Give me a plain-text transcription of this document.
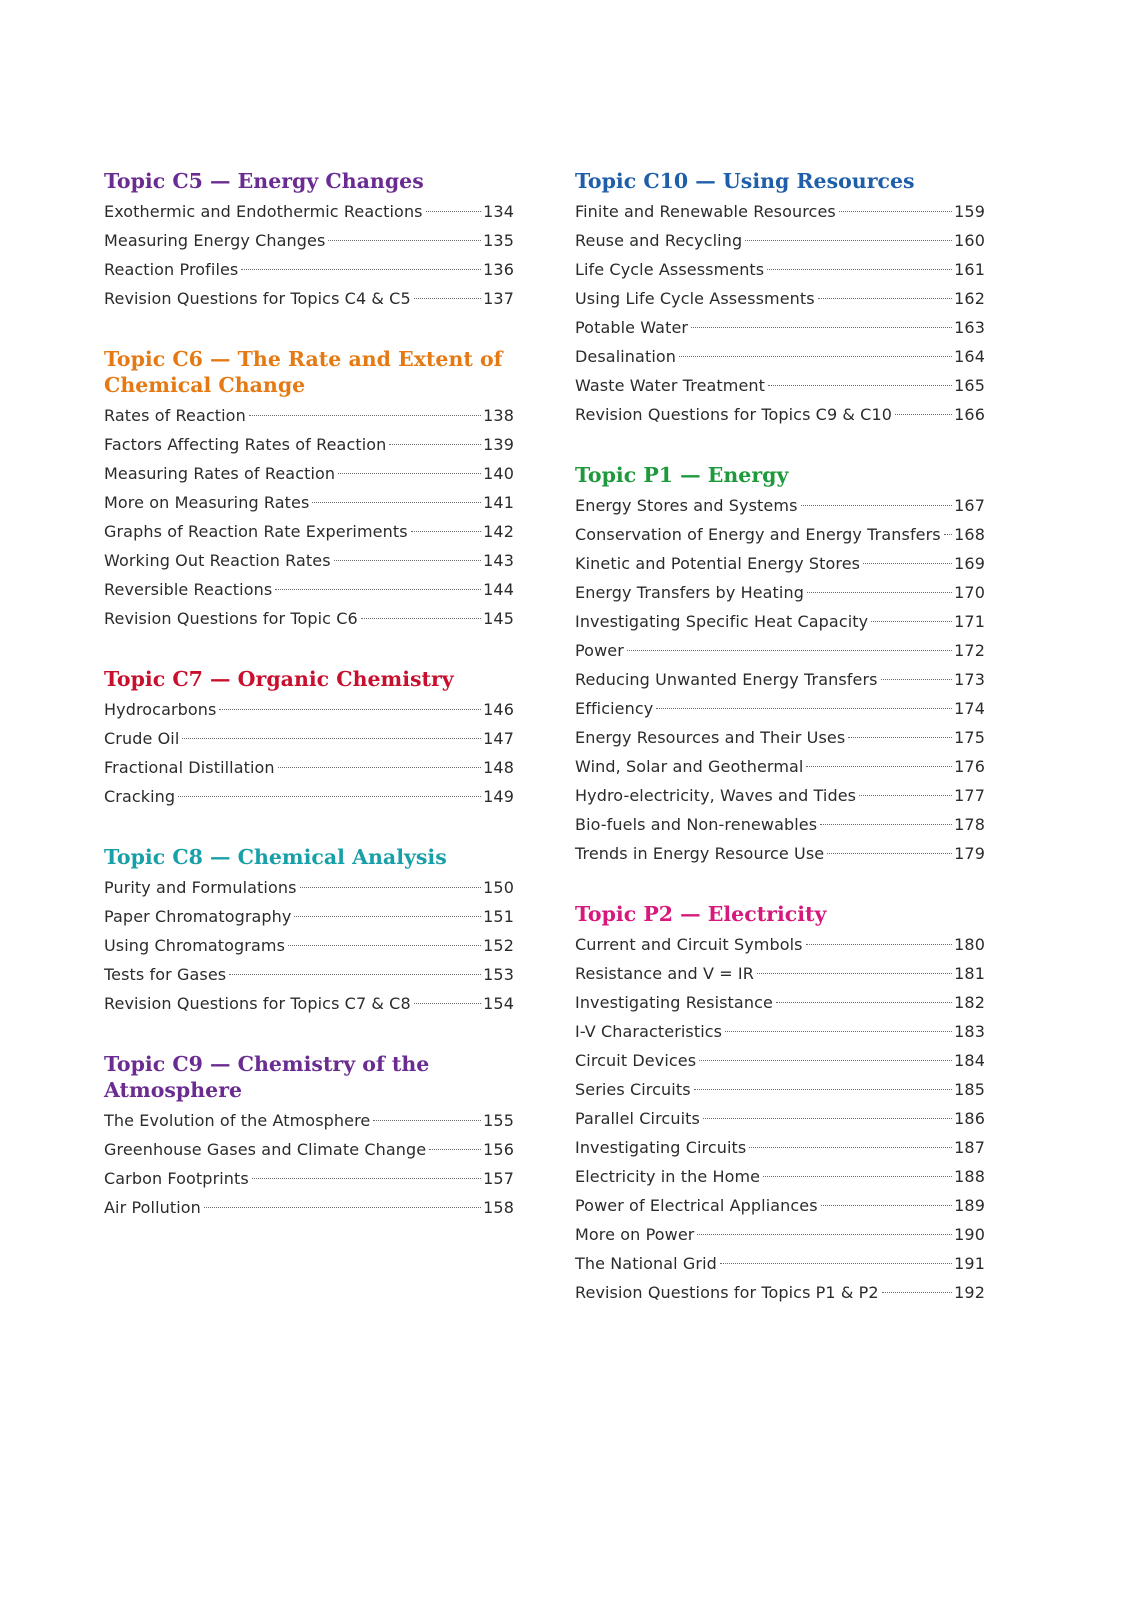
Topic C5 — Energy Changes
Exothermic and Endothermic Reactions	134
Measuring Energy Changes	135
Reaction Profiles	136
Revision Questions for Topics C4 & C5	137
Topic C6 — The Rate and Extent of Chemical Change
Rates of Reaction	138
Factors Affecting Rates of Reaction	139
Measuring Rates of Reaction	140
More on Measuring Rates	141
Graphs of Reaction Rate Experiments	142
Working Out Reaction Rates	143
Reversible Reactions	144
Revision Questions for Topic C6	145
Topic C7 — Organic Chemistry
Hydrocarbons	146
Crude Oil	147
Fractional Distillation	148
Cracking	149
Topic C8 — Chemical Analysis
Purity and Formulations	150
Paper Chromatography	151
Using Chromatograms	152
Tests for Gases	153
Revision Questions for Topics C7 & C8	154
Topic C9 — Chemistry of the Atmosphere
The Evolution of the Atmosphere	155
Greenhouse Gases and Climate Change	156
Carbon Footprints	157
Air Pollution	158
Topic C10 — Using Resources
Finite and Renewable Resources	159
Reuse and Recycling	160
Life Cycle Assessments	161
Using Life Cycle Assessments	162
Potable Water	163
Desalination	164
Waste Water Treatment	165
Revision Questions for Topics C9 & C10	166
Topic P1 — Energy
Energy Stores and Systems	167
Conservation of Energy and Energy Transfers 168
Kinetic and Potential Energy Stores	169
Energy Transfers by Heating	170
Investigating Specific Heat Capacity	171
Power	172
Reducing Unwanted Energy Transfers	173
Efficiency	174
Energy Resources and Their Uses	175
Wind, Solar and Geothermal	176
Hydro-electricity, Waves and Tides	177
Bio-fuels and Non-renewables	178
Trends in Energy Resource Use	179
Topic P2 — Electricity
Current and Circuit Symbols	180
Resistance and V = IR	181
Investigating Resistance	182
I-V Characteristics	183
Circuit Devices	184
Series Circuits	185
Parallel Circuits	186
Investigating Circuits	187
Electricity in the Home	188
Power of Electrical Appliances	189
More on Power	190
The National Grid	191
Revision Questions for Topics P1 & P2	192
